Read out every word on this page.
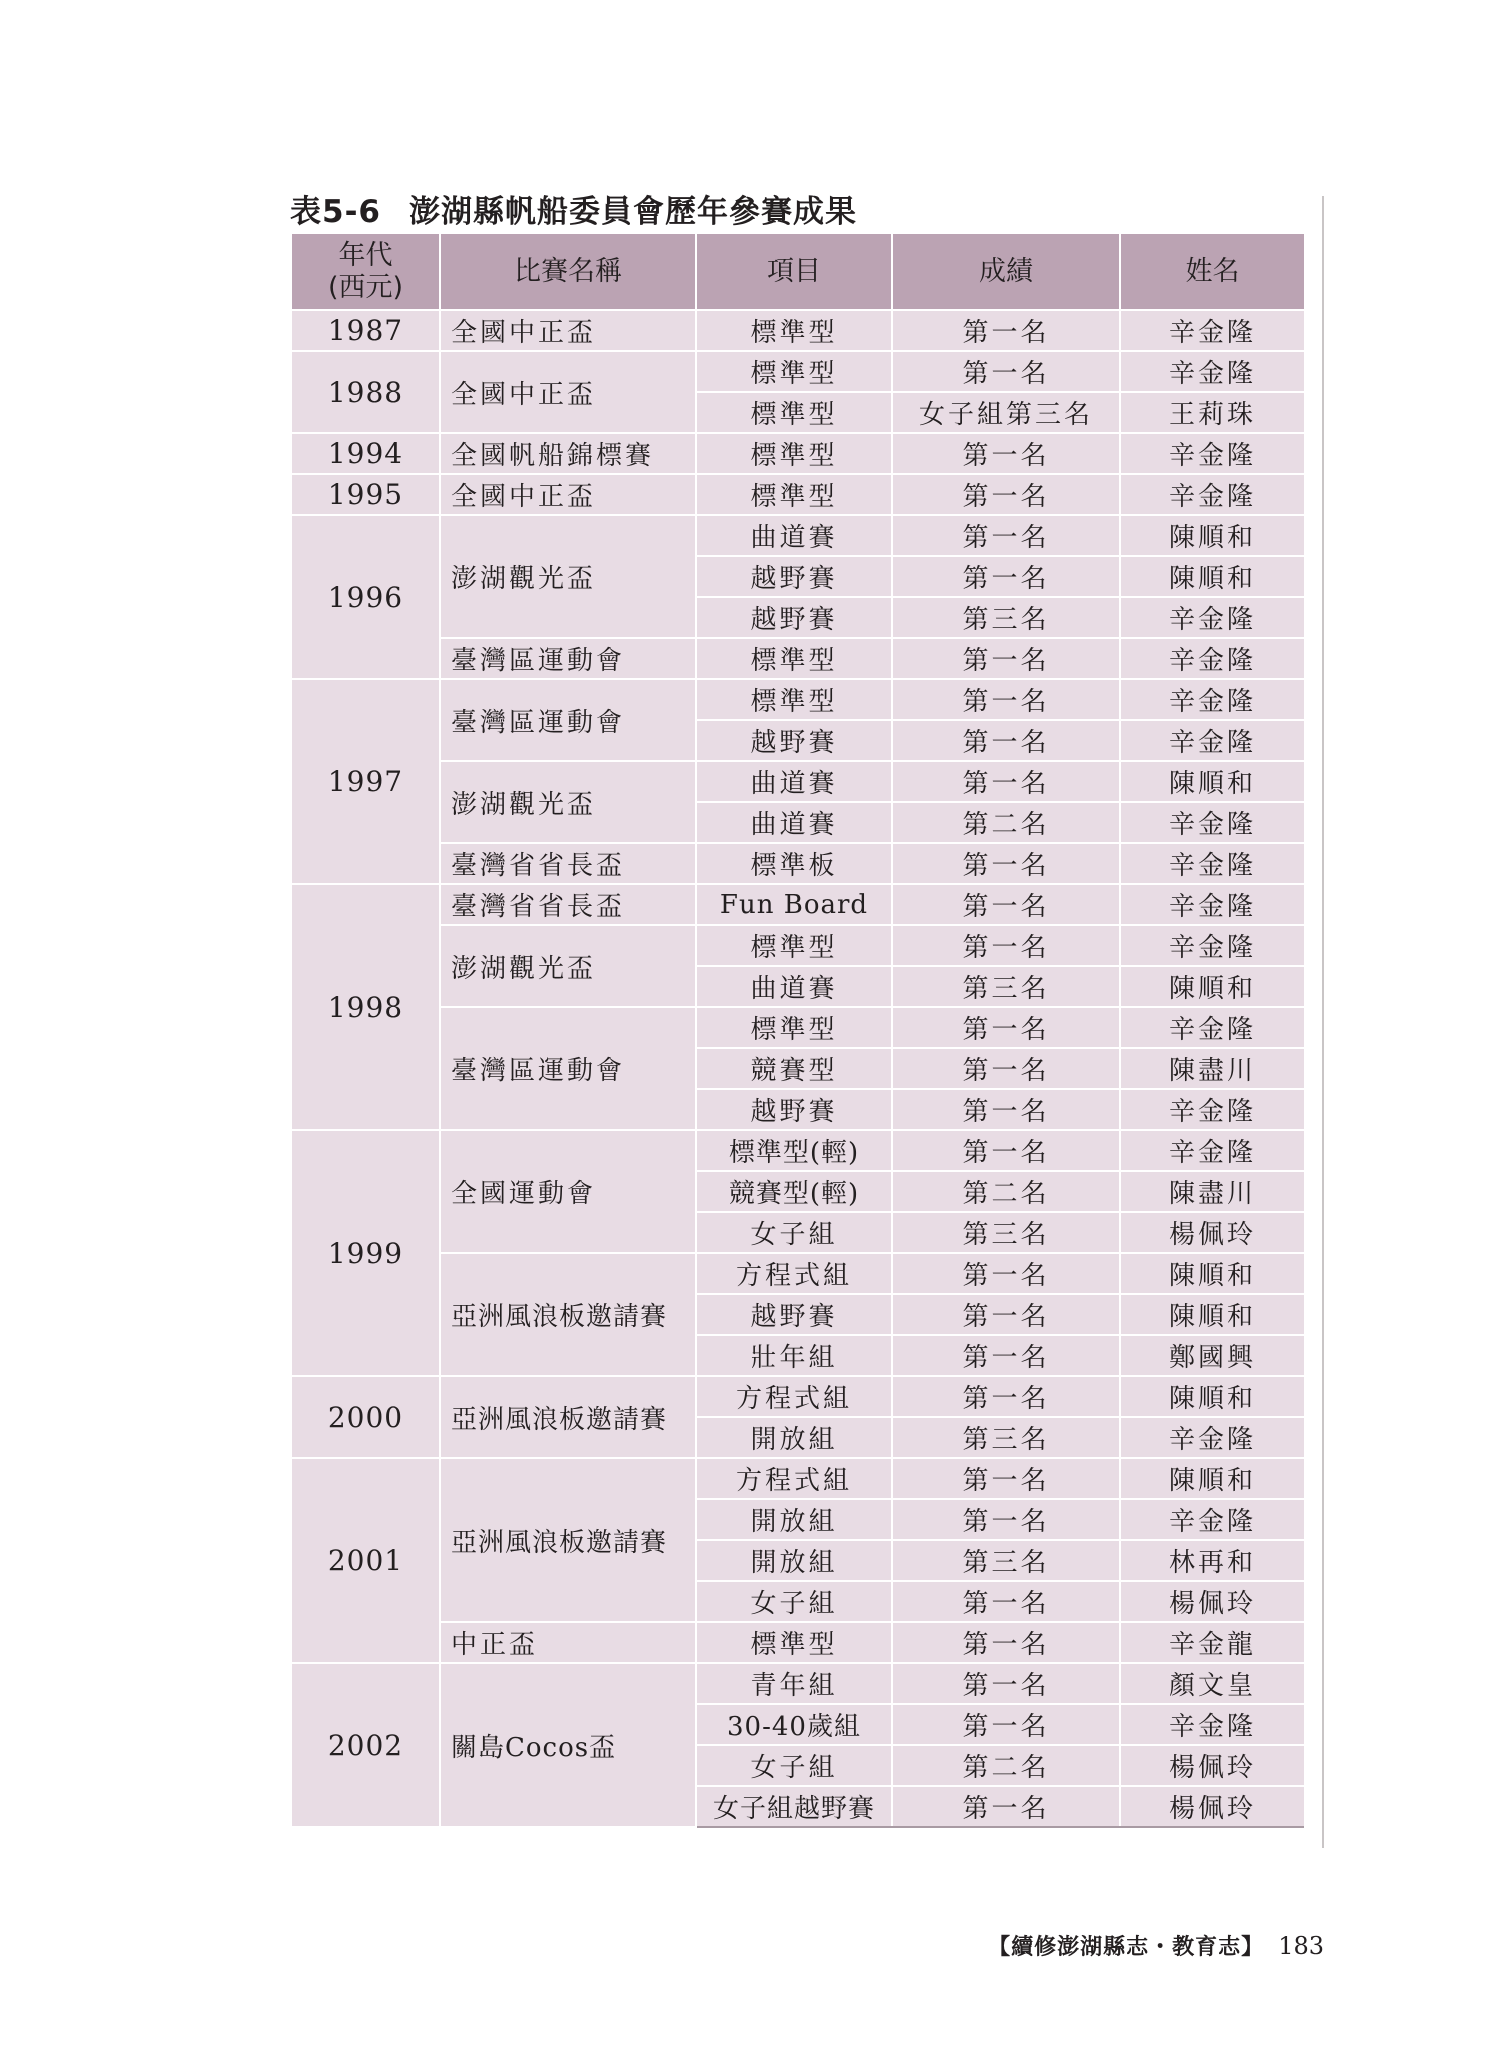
表5-6 澎湖縣帆船委員會歷年參賽成果
年代
(西元)	比賽名稱	項目	成績	姓名
1987	全國中正盃	標準型	第一名	辛金隆
1988	全國中正盃	標準型	第一名	辛金隆
		標準型	女子組第三名	王莉珠
1994	全國帆船錦標賽	標準型	第一名	辛金隆
1995	全國中正盃	標準型	第一名	辛金隆
1996	澎湖觀光盃	曲道賽	第一名	陳順和
		越野賽	第一名	陳順和
		越野賽	第三名	辛金隆
	臺灣區運動會	標準型	第一名	辛金隆
1997	臺灣區運動會	標準型	第一名	辛金隆
		越野賽	第一名	辛金隆
	澎湖觀光盃	曲道賽	第一名	陳順和
		曲道賽	第二名	辛金隆
	臺灣省省長盃	標準板	第一名	辛金隆
1998	臺灣省省長盃	Fun Board	第一名	辛金隆
	澎湖觀光盃	標準型	第一名	辛金隆
		曲道賽	第三名	陳順和
	臺灣區運動會	標準型	第一名	辛金隆
		競賽型	第一名	陳盡川
		越野賽	第一名	辛金隆
1999	全國運動會	標準型(輕)	第一名	辛金隆
		競賽型(輕)	第二名	陳盡川
		女子組	第三名	楊佩玲
	亞洲風浪板邀請賽	方程式組	第一名	陳順和
		越野賽	第一名	陳順和
		壯年組	第一名	鄭國興
2000	亞洲風浪板邀請賽	方程式組	第一名	陳順和
		開放組	第三名	辛金隆
2001	亞洲風浪板邀請賽	方程式組	第一名	陳順和
		開放組	第一名	辛金隆
		開放組	第三名	林再和
		女子組	第一名	楊佩玲
	中正盃	標準型	第一名	辛金龍
2002	關島Cocos盃	青年組	第一名	顏文皇
		30-40歲組	第一名	辛金隆
		女子組	第二名	楊佩玲
		女子組越野賽	第一名	楊佩玲
【續修澎湖縣志・教育志】 183
